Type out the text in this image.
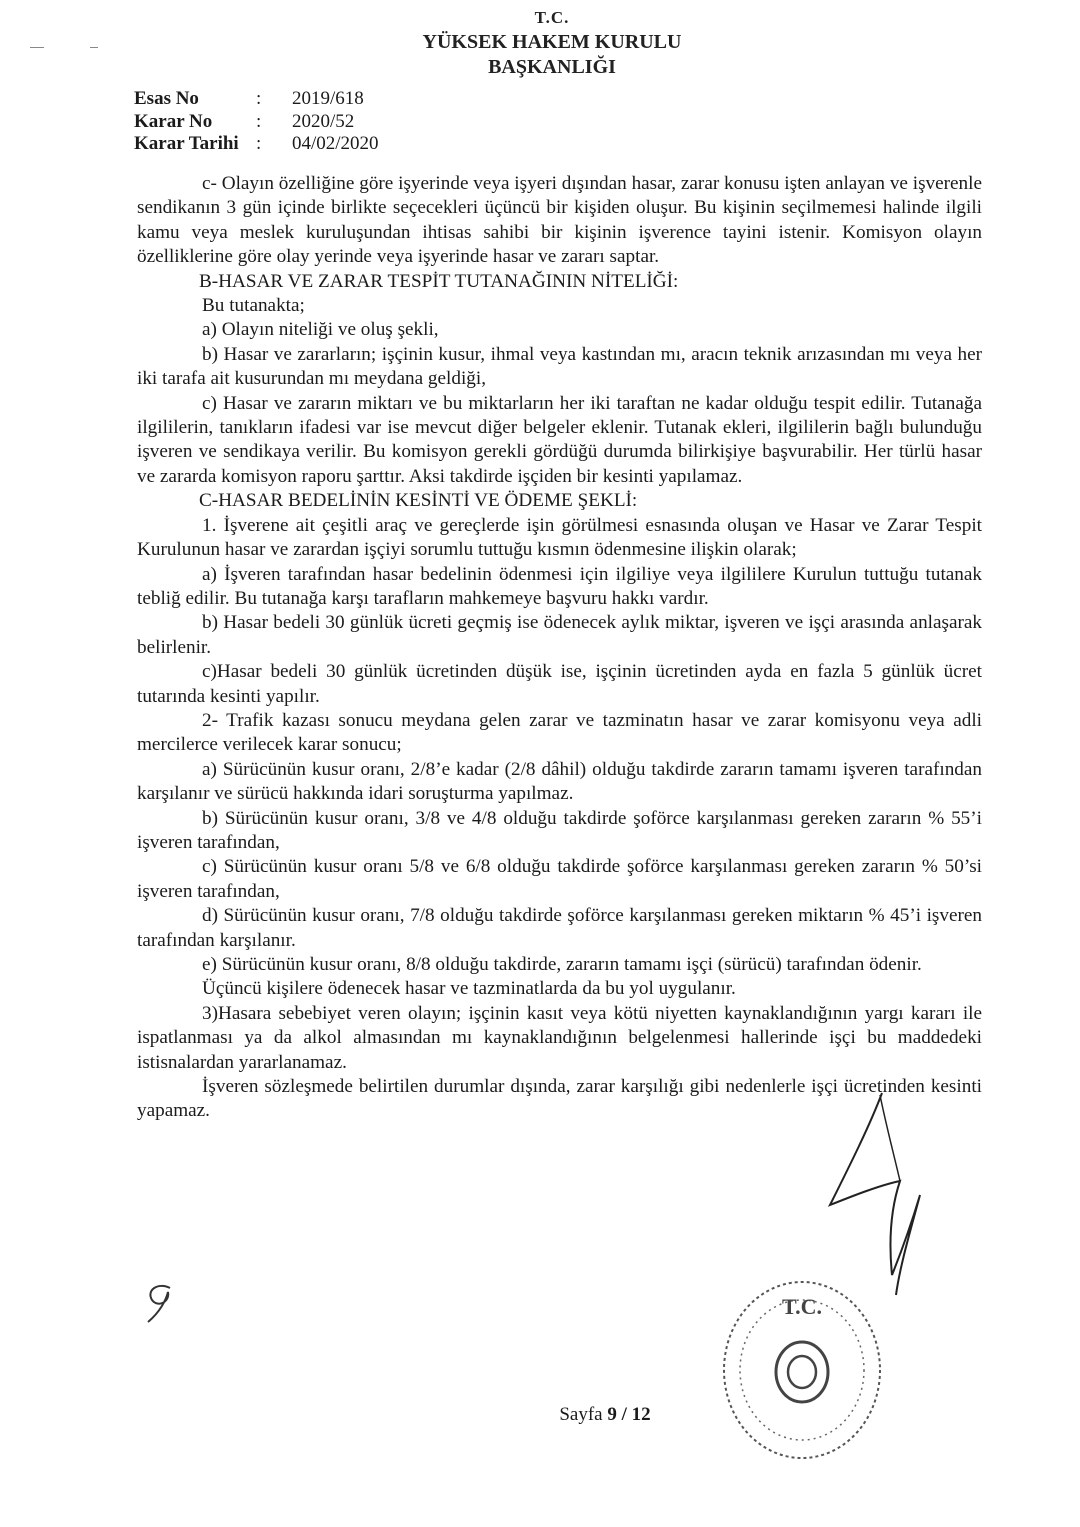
T.C.
YÜKSEK HAKEM KURULU
BAŞKANLIĞI
Esas No	:	2019/618
Karar No	:	2020/52
Karar Tarihi :	04/02/2020

c- Olayın özelliğine göre işyerinde veya işyeri dışından hasar, zarar konusu işten anlayan ve işverenle sendikanın 3 gün içinde birlikte seçecekleri üçüncü bir kişiden oluşur. Bu kişinin seçilmemesi halinde ilgili kamu veya meslek kuruluşundan ihtisas sahibi bir kişinin işverence tayini istenir. Komisyon olayın özelliklerine göre olay yerinde veya işyerinde hasar ve zararı saptar.

B-HASAR VE ZARAR TESPİT TUTANAĞININ NİTELİĞİ:

Bu tutanakta;

a) Olayın niteliği ve oluş şekli,

b) Hasar ve zararların; işçinin kusur, ihmal veya kastından mı, aracın teknik arızasından mı veya her iki tarafa ait kusurundan mı meydana geldiği,

c) Hasar ve zararın miktarı ve bu miktarların her iki taraftan ne kadar olduğu tespit edilir. Tutanağa ilgililerin, tanıkların ifadesi var ise mevcut diğer belgeler eklenir. Tutanak ekleri, ilgililerin bağlı bulunduğu işveren ve sendikaya verilir. Bu komisyon gerekli gördüğü durumda bilirkişiye başvurabilir. Her türlü hasar ve zararda komisyon raporu şarttır. Aksi takdirde işçiden bir kesinti yapılamaz.

C-HASAR BEDELİNİN KESİNTİ VE ÖDEME ŞEKLİ:

1. İşverene ait çeşitli araç ve gereçlerde işin görülmesi esnasında oluşan ve Hasar ve Zarar Tespit Kurulunun hasar ve zarardan işçiyi sorumlu tuttuğu kısmın ödenmesine ilişkin olarak;

a) İşveren tarafından hasar bedelinin ödenmesi için ilgiliye veya ilgililere Kurulun tuttuğu tutanak tebliğ edilir. Bu tutanağa karşı tarafların mahkemeye başvuru hakkı vardır.

b) Hasar bedeli 30 günlük ücreti geçmiş ise ödenecek aylık miktar, işveren ve işçi arasında anlaşarak belirlenir.

c)Hasar bedeli 30 günlük ücretinden düşük ise, işçinin ücretinden ayda en fazla 5 günlük ücret tutarında kesinti yapılır.

2- Trafik kazası sonucu meydana gelen zarar ve tazminatın hasar ve zarar komisyonu veya adli mercilerce verilecek karar sonucu;

a) Sürücünün kusur oranı, 2/8’e kadar (2/8 dâhil) olduğu takdirde zararın tamamı işveren tarafından karşılanır ve sürücü hakkında idari soruşturma yapılmaz.

b) Sürücünün kusur oranı, 3/8 ve 4/8 olduğu takdirde şoförce karşılanması gereken zararın % 55’i işveren tarafından,

c) Sürücünün kusur oranı 5/8 ve 6/8 olduğu takdirde şoförce karşılanması gereken zararın % 50’si işveren tarafından,

d) Sürücünün kusur oranı, 7/8 olduğu takdirde şoförce karşılanması gereken miktarın % 45’i işveren tarafından karşılanır.

e) Sürücünün kusur oranı, 8/8 olduğu takdirde, zararın tamamı işçi (sürücü) tarafından ödenir.

Üçüncü kişilere ödenecek hasar ve tazminatlarda da bu yol uygulanır.

3)Hasara sebebiyet veren olayın; işçinin kasıt veya kötü niyetten kaynaklandığının yargı kararı ile ispatlanması ya da alkol almasından mı kaynaklandığının belgelenmesi hallerinde işçi bu maddedeki istisnalardan yararlanamaz.

İşveren sözleşmede belirtilen durumlar dışında, zarar karşılığı gibi nedenlerle işçi ücretinden kesinti yapamaz.

T.C.
Sayfa 9 / 12
